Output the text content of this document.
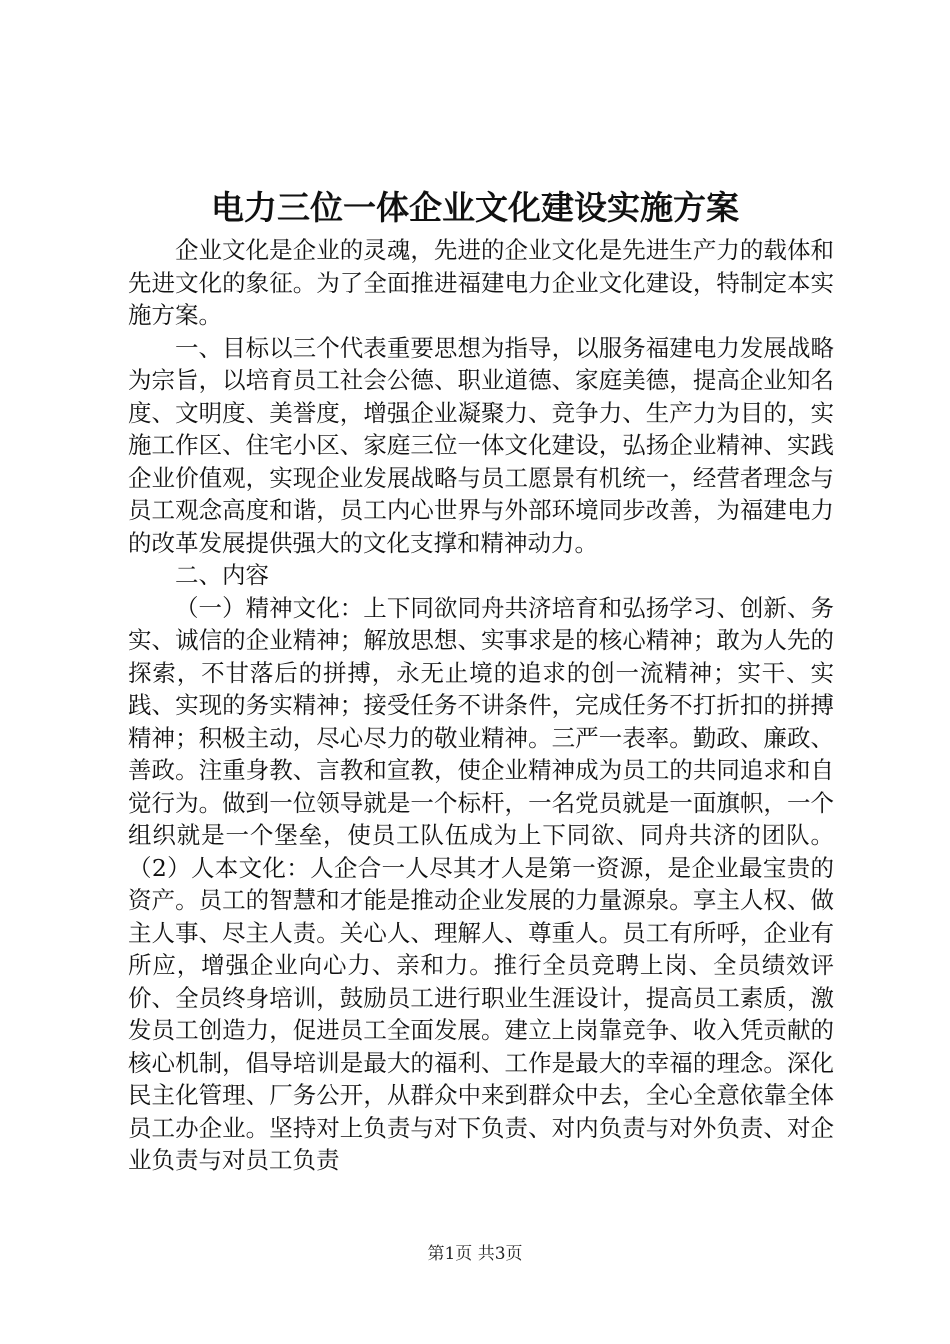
电力三位一体企业文化建设实施方案

企业文化是企业的灵魂，先进的企业文化是先进生产力的载体和先进文化的象征。为了全面推进福建电力企业文化建设，特制定本实施方案。

一、目标以三个代表重要思想为指导，以服务福建电力发展战略为宗旨，以培育员工社会公德、职业道德、家庭美德，提高企业知名度、文明度、美誉度，增强企业凝聚力、竞争力、生产力为目的，实施工作区、住宅小区、家庭三位一体文化建设，弘扬企业精神、实践企业价值观，实现企业发展战略与员工愿景有机统一，经营者理念与员工观念高度和谐，员工内心世界与外部环境同步改善，为福建电力的改革发展提供强大的文化支撑和精神动力。

二、内容

（一）精神文化：上下同欲同舟共济培育和弘扬学习、创新、务实、诚信的企业精神；解放思想、实事求是的核心精神；敢为人先的探索，不甘落后的拼搏，永无止境的追求的创一流精神；实干、实践、实现的务实精神；接受任务不讲条件，完成任务不打折扣的拼搏精神；积极主动，尽心尽力的敬业精神。三严一表率。勤政、廉政、善政。注重身教、言教和宣教，使企业精神成为员工的共同追求和自觉行为。做到一位领导就是一个标杆，一名党员就是一面旗帜，一个组织就是一个堡垒，使员工队伍成为上下同欲、同舟共济的团队。（2）人本文化：人企合一人尽其才人是第一资源，是企业最宝贵的资产。员工的智慧和才能是推动企业发展的力量源泉。享主人权、做主人事、尽主人责。关心人、理解人、尊重人。员工有所呼，企业有所应，增强企业向心力、亲和力。推行全员竞聘上岗、全员绩效评价、全员终身培训，鼓励员工进行职业生涯设计，提高员工素质，激发员工创造力，促进员工全面发展。建立上岗靠竞争、收入凭贡献的核心机制，倡导培训是最大的福利、工作是最大的幸福的理念。深化民主化管理、厂务公开，从群众中来到群众中去，全心全意依靠全体员工办企业。坚持对上负责与对下负责、对内负责与对外负责、对企业负责与对员工负责

第1页 共3页
